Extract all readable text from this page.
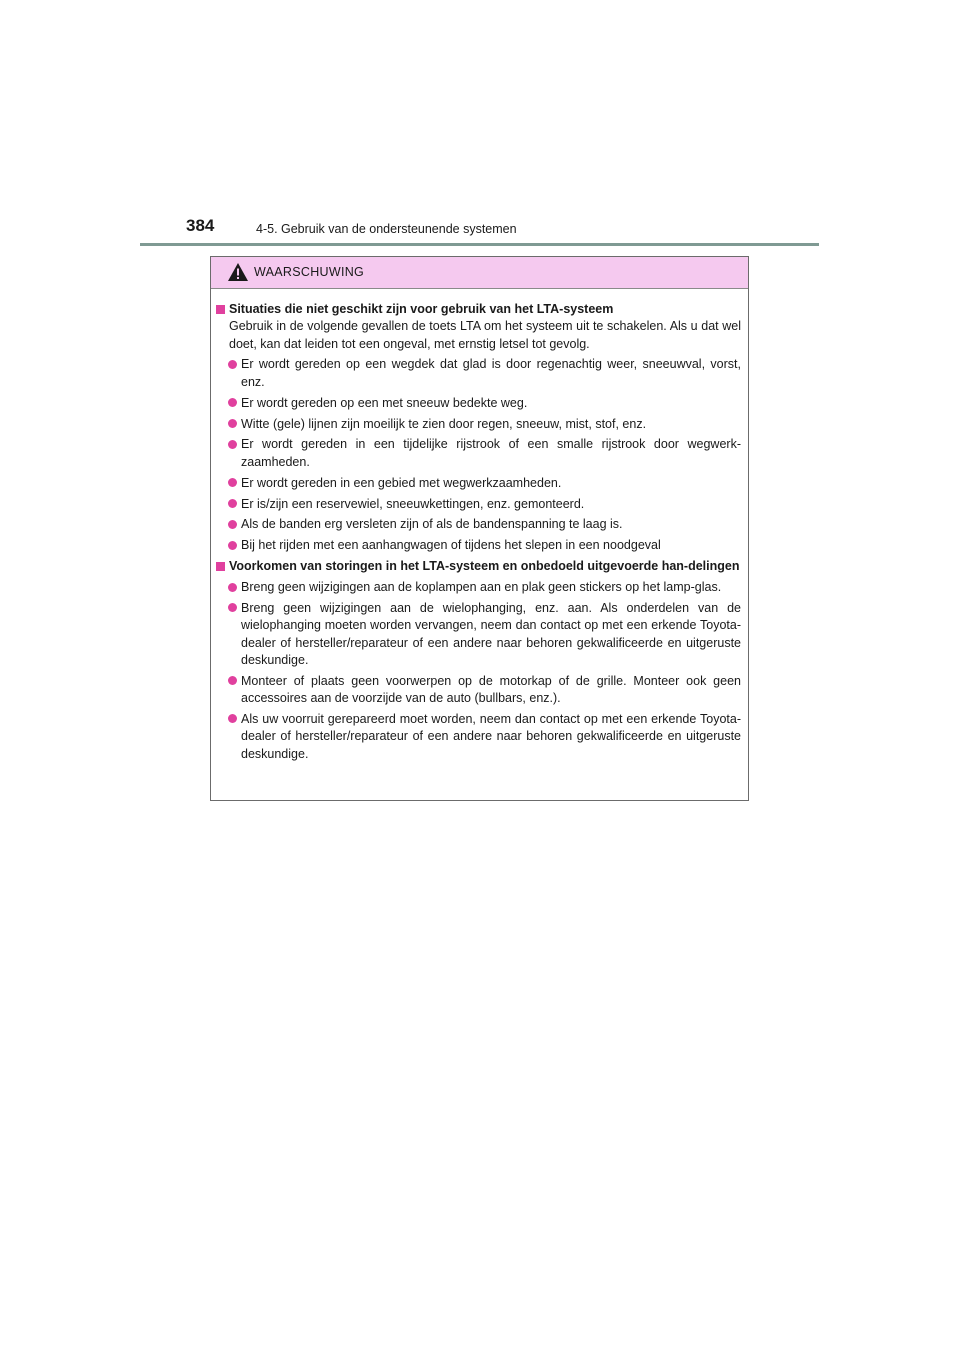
384	4-5. Gebruik van de ondersteunende systemen
WAARSCHUWING
Situaties die niet geschikt zijn voor gebruik van het LTA-systeem
Gebruik in de volgende gevallen de toets LTA om het systeem uit te schakelen. Als u dat wel doet, kan dat leiden tot een ongeval, met ernstig letsel tot gevolg.
Er wordt gereden op een wegdek dat glad is door regenachtig weer, sneeuwval, vorst, enz.
Er wordt gereden op een met sneeuw bedekte weg.
Witte (gele) lijnen zijn moeilijk te zien door regen, sneeuw, mist, stof, enz.
Er wordt gereden in een tijdelijke rijstrook of een smalle rijstrook door wegwerk-zaamheden.
Er wordt gereden in een gebied met wegwerkzaamheden.
Er is/zijn een reservewiel, sneeuwkettingen, enz. gemonteerd.
Als de banden erg versleten zijn of als de bandenspanning te laag is.
Bij het rijden met een aanhangwagen of tijdens het slepen in een noodgeval
Voorkomen van storingen in het LTA-systeem en onbedoeld uitgevoerde han-delingen
Breng geen wijzigingen aan de koplampen aan en plak geen stickers op het lamp-glas.
Breng geen wijzigingen aan de wielophanging, enz. aan. Als onderdelen van de wielophanging moeten worden vervangen, neem dan contact op met een erkende Toyota-dealer of hersteller/reparateur of een andere naar behoren gekwalificeerde en uitgeruste deskundige.
Monteer of plaats geen voorwerpen op de motorkap of de grille. Monteer ook geen accessoires aan de voorzijde van de auto (bullbars, enz.).
Als uw voorruit gerepareerd moet worden, neem dan contact op met een erkende Toyota-dealer of hersteller/reparateur of een andere naar behoren gekwalificeerde en uitgeruste deskundige.
